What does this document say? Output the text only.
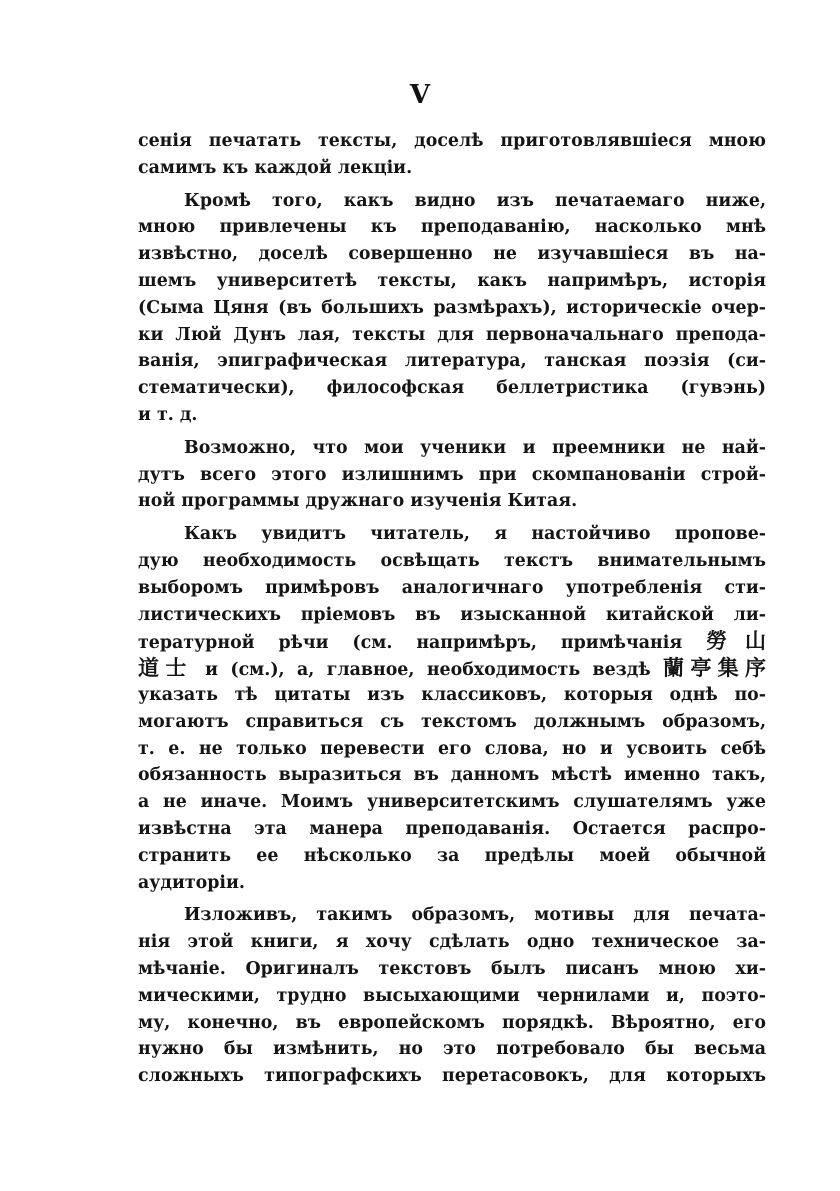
V
ceнія печатать тексты, доселѣ приготовлявшіеся мною
самимъ къ каждой лекціи.
Кромѣ того, какъ видно изъ печатаемаго ниже,
мною привлечены къ преподаванію, насколько мнѣ
извѣстно, доселѣ совершенно не изучавшіеся въ на-
шемъ университетѣ тексты, какъ напримѣръ, исторія
(Сыма Цяня (въ большихъ размѣрахъ), историческіе очер-
ки Люй Дунъ лая, тексты для первоначальнаго препода-
ванія, эпиграфическая литература, танская поэзія (си-
стематически), философская беллетристика (гувэнь)
и т. д.
Возможно, что мои ученики и преемники не най-
дутъ всего этого излишнимъ при скомпанованіи стрoй-
ной программы дружнаго изученія Китая.
Какъ увидитъ читатель, я настойчиво пропове-
дую необходимость освѣщать текстъ внимательнымъ
выборомъ примѣровъ аналогичнаго употребленія сти-
листическихъ пріемовъ въ изысканной китайской ли-
тературной рѣчи (см. напримѣръ, примѣчанія 勞山
道士 и (см.), а, главное, необходимость вездѣ 蘭亭集序
указать тѣ цитаты изъ классиковъ, которыя однѣ по-
могаютъ справиться съ текстомъ должнымъ образомъ,
т. е. не только перевести его слова, но и усвоить себѣ
обязанность выразиться въ данномъ мѣстѣ именно такъ,
а не иначе. Моимъ университетскимъ слушателямъ уже
извѣстна эта манера преподаванія. Остается распро-
странить ее нѣсколько за предѣлы моей обычной
аудиторіи.
Изложивъ, такимъ образомъ, мотивы для печата-
нія этой книги, я хочу сдѣлать одно техническое за-
мѣчаніе. Оригиналъ текстовъ былъ писанъ мною хи-
мическими, трудно высыхающими чернилами и, поэто-
му, конечно, въ европейскомъ порядкѣ. Вѣроятно, его
нужно бы измѣнить, но это потребовало бы весьма
сложныхъ типографскихъ перетасовокъ, для которыхъ
